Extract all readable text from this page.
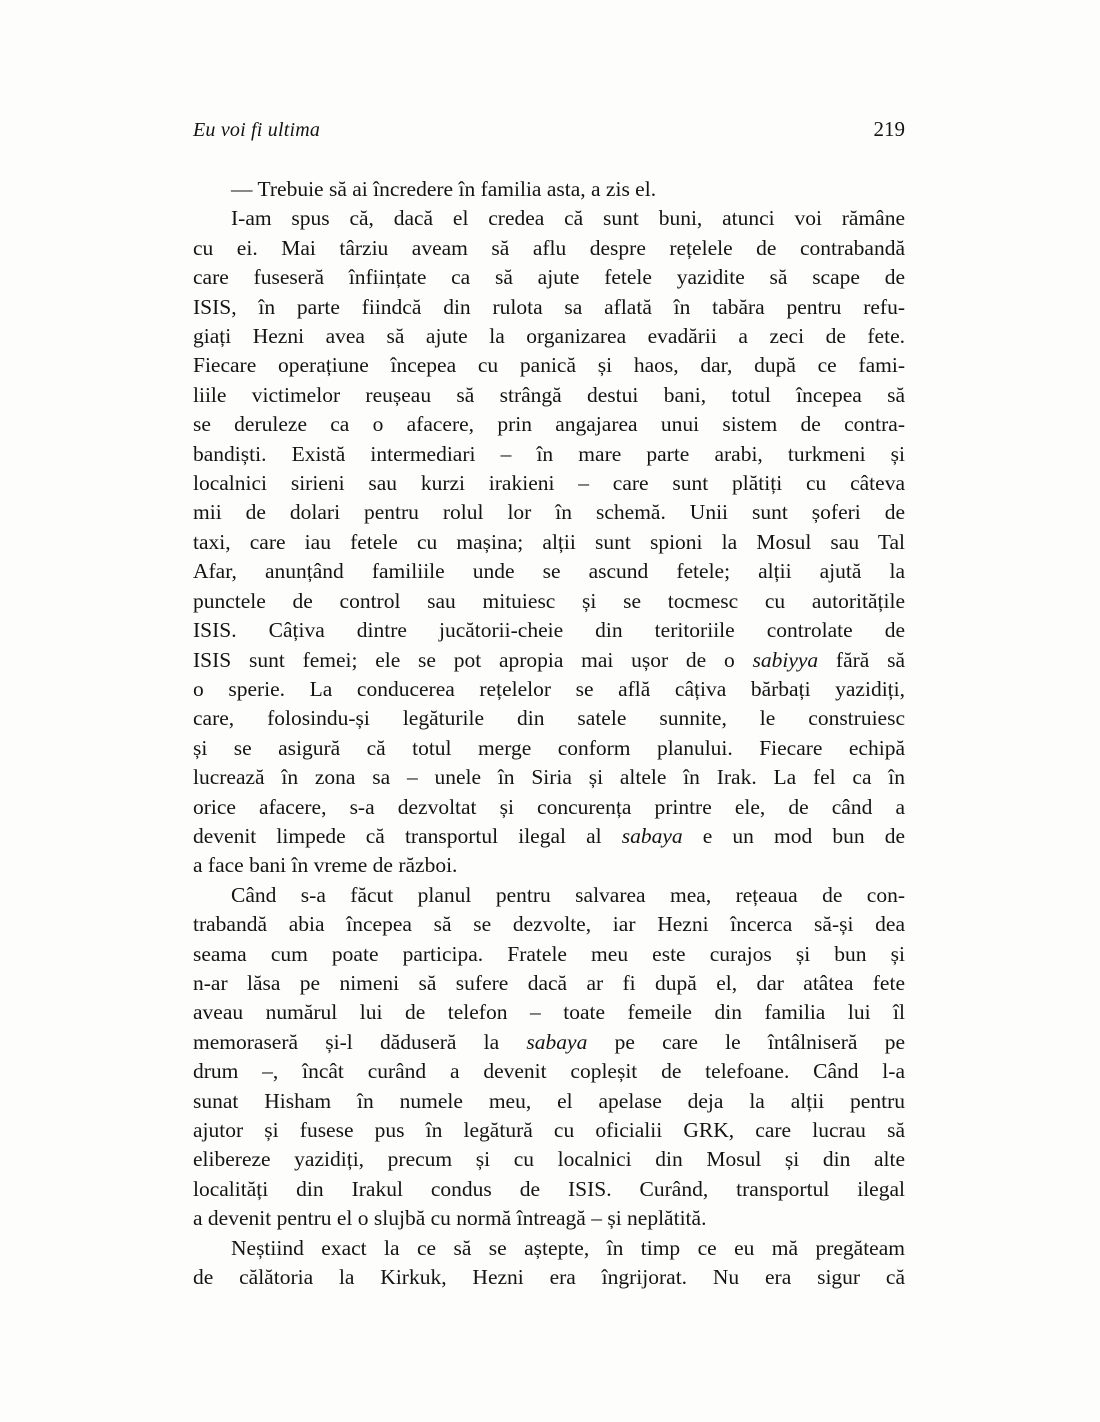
Eu voi fi ultima	219
— Trebuie să ai încredere în familia asta, a zis el.
I-am spus că, dacă el credea că sunt buni, atunci voi rămâne
cu ei. Mai târziu aveam să aflu despre rețelele de contrabandă
care fuseseră înființate ca să ajute fetele yazidite să scape de
ISIS, în parte fiindcă din rulota sa aflată în tabăra pentru refu-
giați Hezni avea să ajute la organizarea evadării a zeci de fete.
Fiecare operațiune începea cu panică și haos, dar, după ce fami-
liile victimelor reușeau să strângă destui bani, totul începea să
se deruleze ca o afacere, prin angajarea unui sistem de contra-
bandiști. Există intermediari – în mare parte arabi, turkmeni și
localnici sirieni sau kurzi irakieni – care sunt plătiți cu câteva
mii de dolari pentru rolul lor în schemă. Unii sunt șoferi de
taxi, care iau fetele cu mașina; alții sunt spioni la Mosul sau Tal
Afar, anunțând familiile unde se ascund fetele; alții ajută la
punctele de control sau mituiesc și se tocmesc cu autoritățile
ISIS. Câțiva dintre jucătorii-cheie din teritoriile controlate de
ISIS sunt femei; ele se pot apropia mai ușor de o sabiyya fără să
o sperie. La conducerea rețelelor se află câțiva bărbați yazidiți,
care, folosindu-și legăturile din satele sunnite, le construiesc
și se asigură că totul merge conform planului. Fiecare echipă
lucrează în zona sa – unele în Siria și altele în Irak. La fel ca în
orice afacere, s-a dezvoltat și concurența printre ele, de când a
devenit limpede că transportul ilegal al sabaya e un mod bun de
a face bani în vreme de război.
Când s-a făcut planul pentru salvarea mea, rețeaua de con-
trabandă abia începea să se dezvolte, iar Hezni încerca să-și dea
seama cum poate participa. Fratele meu este curajos și bun și
n-ar lăsa pe nimeni să sufere dacă ar fi după el, dar atâtea fete
aveau numărul lui de telefon – toate femeile din familia lui îl
memoraseră și-l dăduseră la sabaya pe care le întâlniseră pe
drum –, încât curând a devenit copleșit de telefoane. Când l-a
sunat Hisham în numele meu, el apelase deja la alții pentru
ajutor și fusese pus în legătură cu oficialii GRK, care lucrau să
elibereze yazidiți, precum și cu localnici din Mosul și din alte
localități din Irakul condus de ISIS. Curând, transportul ilegal
a devenit pentru el o slujbă cu normă întreagă – și neplătită.
Neștiind exact la ce să se aștepte, în timp ce eu mă pregăteam
de călătoria la Kirkuk, Hezni era îngrijorat. Nu era sigur că
